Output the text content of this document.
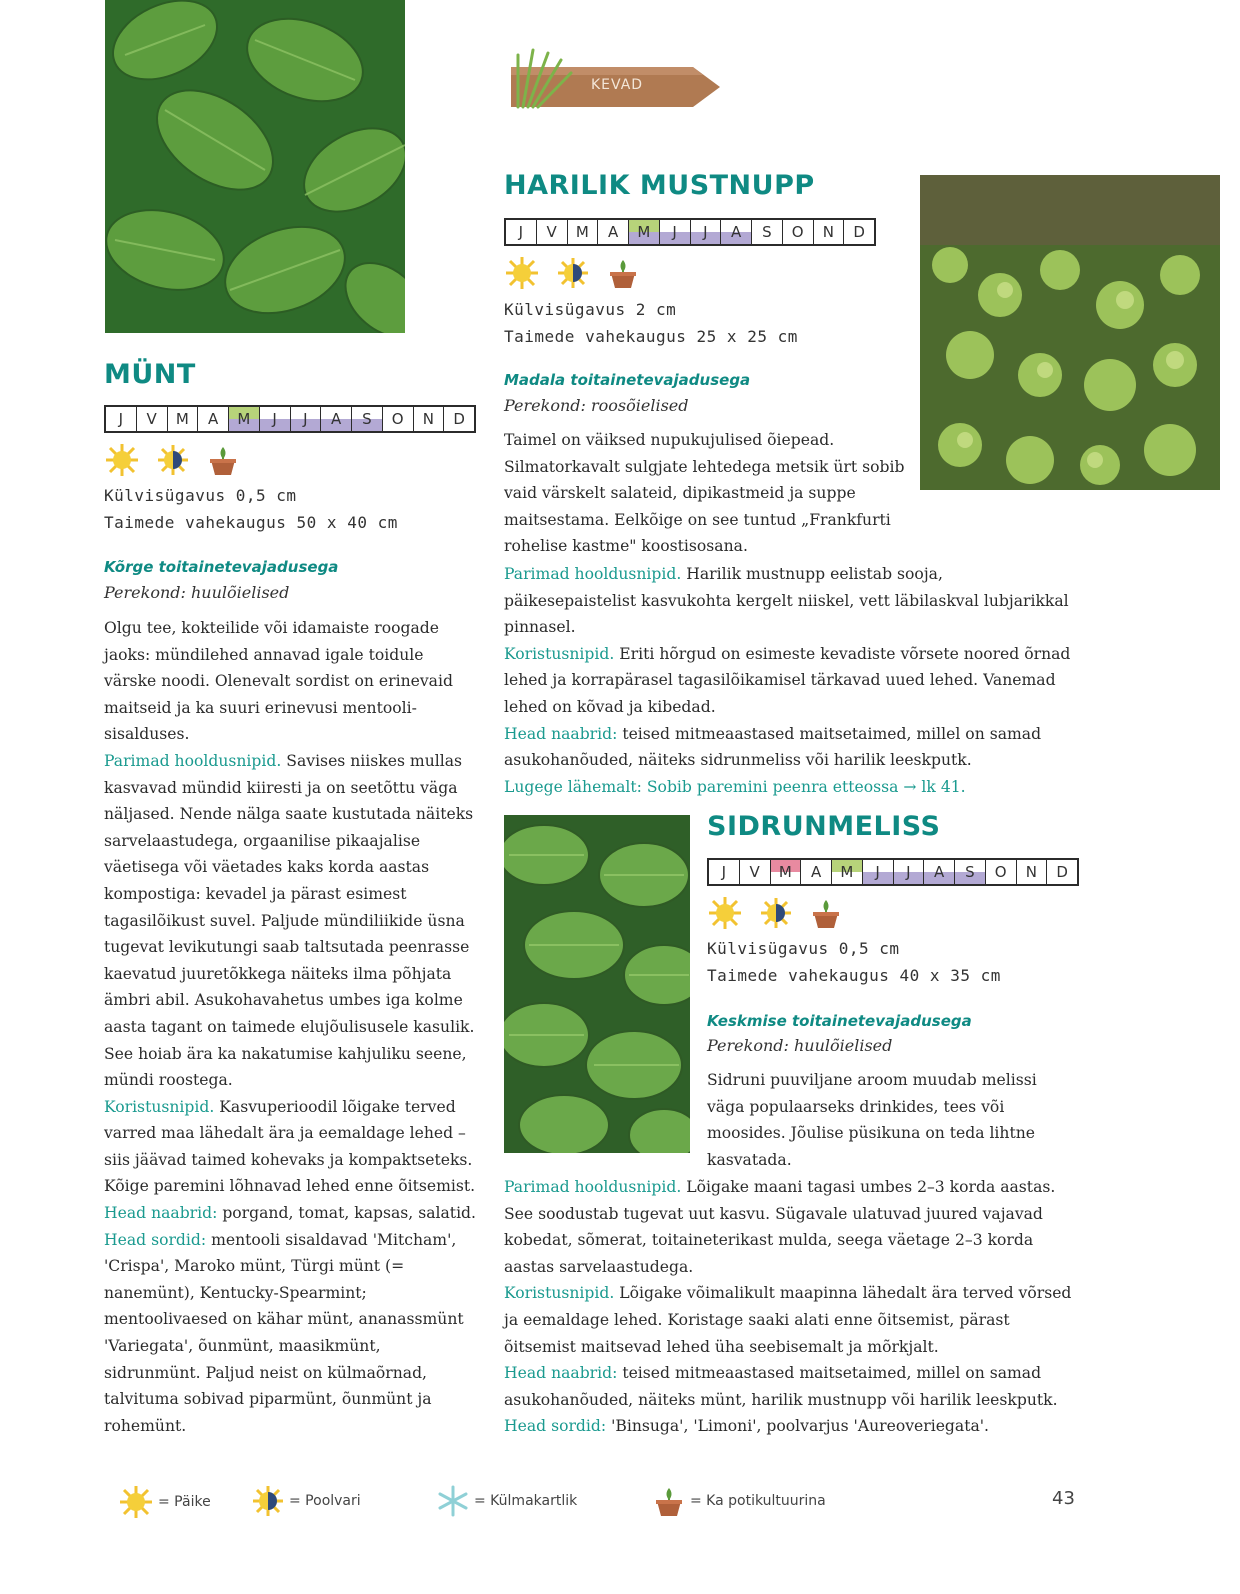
KEVAD
MÜNT
J V M A M J J A S O N D
Külvisügavus 0,5 cm
Taimede vahekaugus 50 x 40 cm
Kõrge toitainetevajadusega
Perekond: huulõielised

Olgu tee, kokteilide või idamaiste roogade jaoks: mündilehed annavad igale toidule värske noodi. Olenevalt sordist on erinevaid maitseid ja ka suuri erinevusi mentooli-sisalduses.

Parimad hooldusnipid. Savises niiskes mullas kasvavad mündid kiiresti ja on seetõttu väga näljased. Nende nälga saate kustutada näiteks sarvelaastudega, orgaanilise pikaajalise väetisega või väetades kaks korda aastas kompostiga: kevadel ja pärast esimest tagasilõikust suvel. Paljude mündiliikide üsna tugevat levikutungi saab taltsutada peenrasse kaevatud juuretõkkega näiteks ilma põhjata ämbri abil. Asukohavahetus umbes iga kolme aasta tagant on taimede elujõulisusele kasulik. See hoiab ära ka nakatumise kahjuliku seene, mündi roostega.

Koristusnipid. Kasvuperioodil lõigake terved varred maa lähedalt ära ja eemaldage lehed – siis jäävad taimed kohevaks ja kompaktseteks. Kõige paremini lõhnavad lehed enne õitsemist.

Head naabrid: porgand, tomat, kapsas, salatid.

Head sordid: mentooli sisaldavad 'Mitcham', 'Crispa', Maroko münt, Türgi münt (= nanemünt), Kentucky-Spearmint; mentoolivaesed on kähar münt, ananassmünt 'Variegata', õunmünt, maasikmünt, sidrunmünt. Paljud neist on külmaõrnad, talvituma sobivad piparmünt, õunmünt ja rohemünt.

HARILIK MUSTNUPP
J V M A M J J A S O N D
Külvisügavus 2 cm
Taimede vahekaugus 25 x 25 cm
Madala toitainetevajadusega
Perekond: roosõielised

Taimel on väiksed nupukujulised õiepead. Silmatorkavalt sulgjate lehtedega metsik ürt sobib vaid värskelt salateid, dipikastmeid ja suppe maitsestama. Eelkõige on see tuntud „Frankfurti rohelise kastme" koostisosana.

Parimad hooldusnipid. Harilik mustnupp eelistab sooja, päikesepaistelist kasvukohta kergelt niiskel, vett läbilaskval lubjarikkal pinnasel.

Koristusnipid. Eriti hõrgud on esimeste kevadiste võrsete noored õrnad lehed ja korrapärasel tagasilõikamisel tärkavad uued lehed. Vanemad lehed on kõvad ja kibedad.

Head naabrid: teised mitmeaastased maitsetaimed, millel on samad asukohanõuded, näiteks sidrunmeliss või harilik leeskputk.

Lugege lähemalt: Sobib paremini peenra etteossa → lk 41.

SIDRUNMELISS
J V M A M J J A S O N D
Külvisügavus 0,5 cm
Taimede vahekaugus 40 x 35 cm
Keskmise toitainetevajadusega
Perekond: huulõielised

Sidruni puuviljane aroom muudab melissi väga populaarseks drinkides, tees või moosides. Jõulise püsikuna on teda lihtne kasvatada.

Parimad hooldusnipid. Lõigake maani tagasi umbes 2–3 korda aastas. See soodustab tugevat uut kasvu. Sügavale ulatuvad juured vajavad kobedat, sõmerat, toitaineterikast mulda, seega väetage 2–3 korda aastas sarvelaastudega.

Koristusnipid. Lõigake võimalikult maapinna lähedalt ära terved võrsed ja eemaldage lehed. Koristage saaki alati enne õitsemist, pärast õitsemist maitsevad lehed üha seebisemalt ja mõrkjalt.

Head naabrid: teised mitmeaastased maitsetaimed, millel on samad asukohanõuded, näiteks münt, harilik mustnupp või harilik leeskputk.

Head sordid: 'Binsuga', 'Limoni', poolvarjus 'Aureoveriegata'.

= Päike	= Poolvari	= Külmakartlik	= Ka potikultuurina	43
